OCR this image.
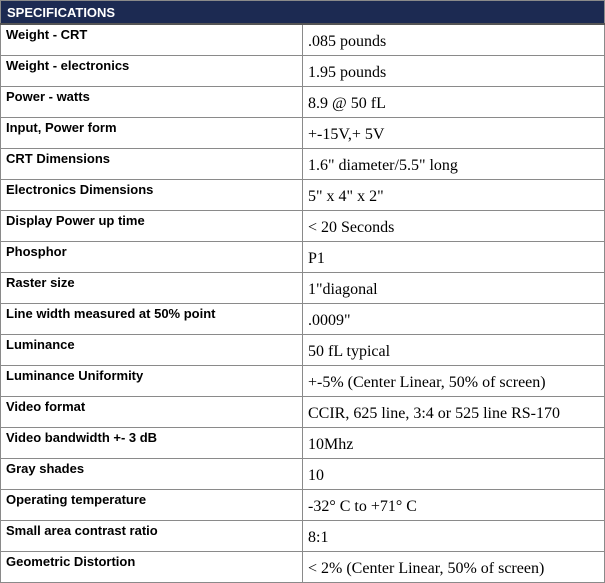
SPECIFICATIONS	
Weight - CRT	.085 pounds
Weight - electronics	1.95 pounds
Power - watts	8.9 @ 50 fL
Input, Power form	+-15V,+ 5V
CRT Dimensions	1.6" diameter/5.5" long
Electronics Dimensions	5" x 4" x 2"
Display Power up time	< 20 Seconds
Phosphor	P1
Raster size	1"diagonal
Line width measured at 50% point	.0009"
Luminance	50 fL typical
Luminance Uniformity	+-5% (Center Linear, 50% of screen)
Video format	CCIR, 625 line, 3:4 or 525 line RS-170
Video bandwidth +- 3 dB	10Mhz
Gray shades	10
Operating temperature	-32° C to +71° C
Small area contrast ratio	8:1
Geometric Distortion	< 2% (Center Linear, 50% of screen)
